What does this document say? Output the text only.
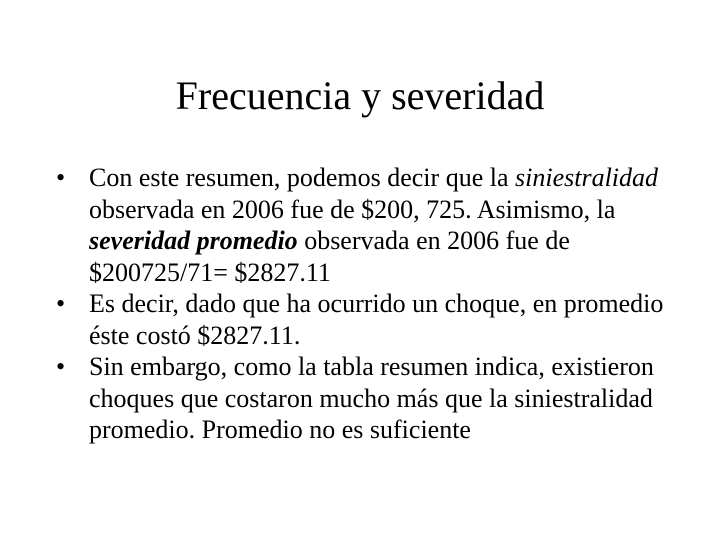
Frecuencia y severidad
• Con este resumen, podemos decir que la siniestralidad observada en 2006 fue de $200, 725. Asimismo, la severidad promedio observada en 2006 fue de $200725/71= $2827.11
• Es decir, dado que ha ocurrido un choque, en promedio éste costó $2827.11.
• Sin embargo, como la tabla resumen indica, existieron choques que costaron mucho más que la siniestralidad promedio. Promedio no es suficiente
